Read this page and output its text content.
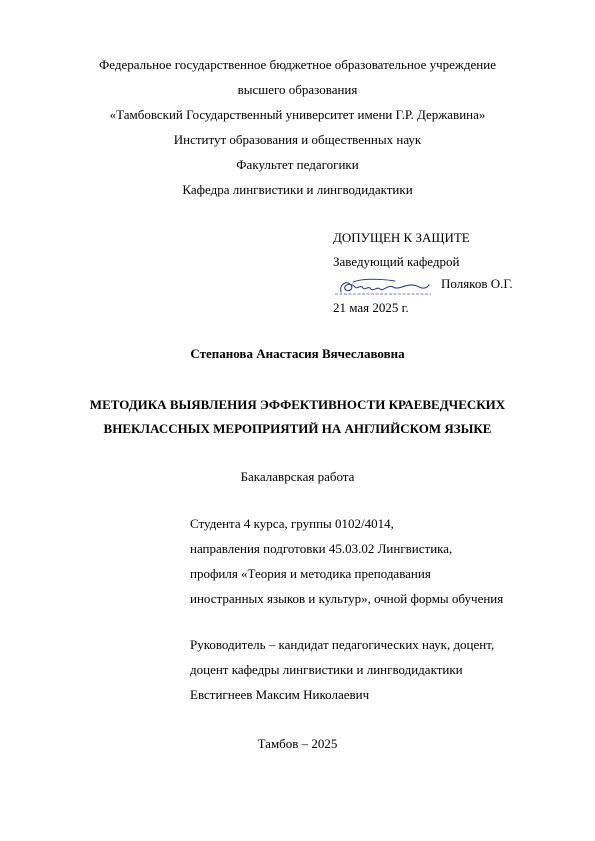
Федеральное государственное бюджетное образовательное учреждение
высшего образования
«Тамбовский Государственный университет имени Г.Р. Державина»
Институт образования и общественных наук
Факультет педагогики
Кафедра лингвистики и лингводидактики
ДОПУЩЕН К ЗАЩИТЕ
Заведующий кафедрой
Поляков О.Г.
21 мая 2025 г.
Степанова Анастасия Вячеславовна
МЕТОДИКА ВЫЯВЛЕНИЯ ЭФФЕКТИВНОСТИ КРАЕВЕДЧЕСКИХ
ВНЕКЛАССНЫХ МЕРОПРИЯТИЙ НА АНГЛИЙСКОМ ЯЗЫКЕ
Бакалаврская работа
Студента 4 курса, группы 0102/4014,
направления подготовки 45.03.02 Лингвистика,
профиля «Теория и методика преподавания
иностранных языков и культур», очной формы обучения
Руководитель – кандидат педагогических наук, доцент,
доцент кафедры лингвистики и лингводидактики
Евстигнеев Максим Николаевич
Тамбов – 2025
